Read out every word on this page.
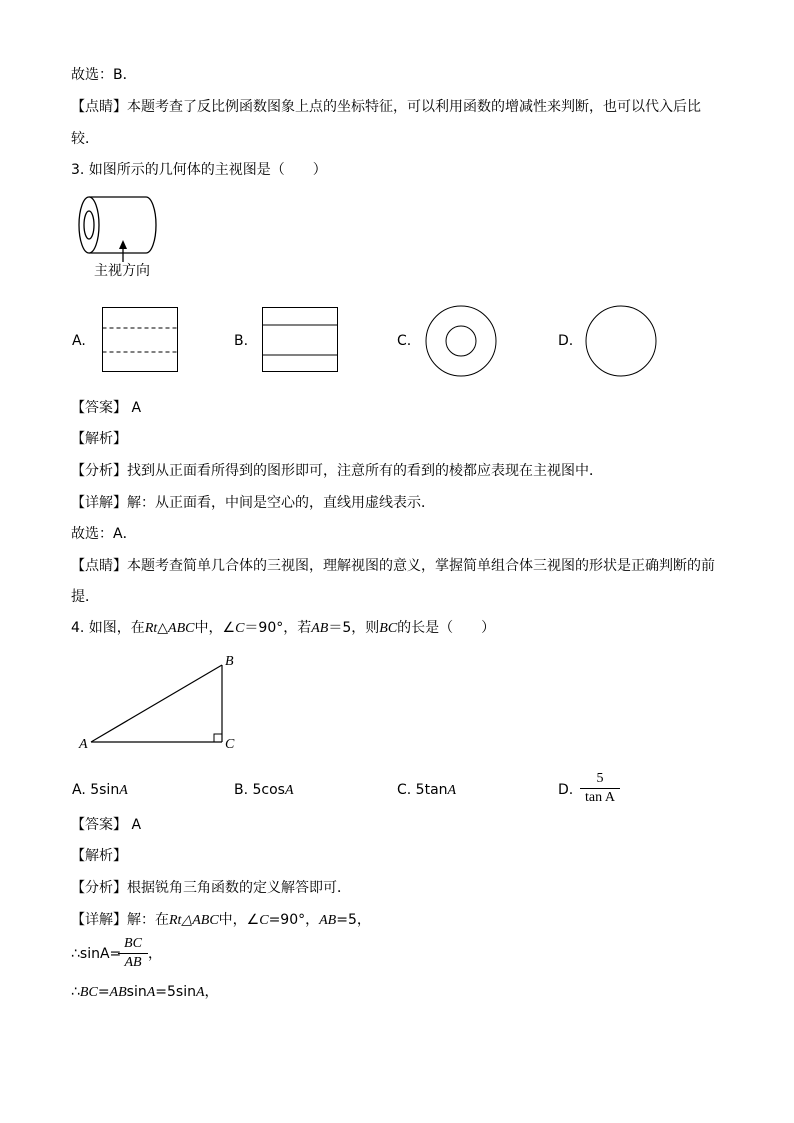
故选：B．
【点睛】本题考查了反比例函数图象上点的坐标特征，可以利用函数的增减性来判断，也可以代入后比
较．
3. 如图所示的几何体的主视图是（　　）
主视方向
A.	B.	C.	D.
【答案】 A
【解析】
【分析】找到从正面看所得到的图形即可，注意所有的看到的棱都应表现在主视图中．
【详解】解：从正面看，中间是空心的，直线用虚线表示．
故选：A．
【点睛】本题考查简单几合体的三视图，理解视图的意义，掌握简单组合体三视图的形状是正确判断的前
提．
4. 如图，在Rt△ABC中，∠C＝90°，若AB＝5，则BC的长是（　　）
A
B
C
A. 5sinA	B. 5cosA	C. 5tanA	D. $\frac{5}{\text{tan A}}$
【答案】 A
【解析】
【分析】根据锐角三角函数的定义解答即可．
【详解】解：在Rt△ABC中，∠C=90°，AB=5，
∴sinA=
$\frac{BC}{AB}$ ，
∴BC=ABsinA=5sinA，
